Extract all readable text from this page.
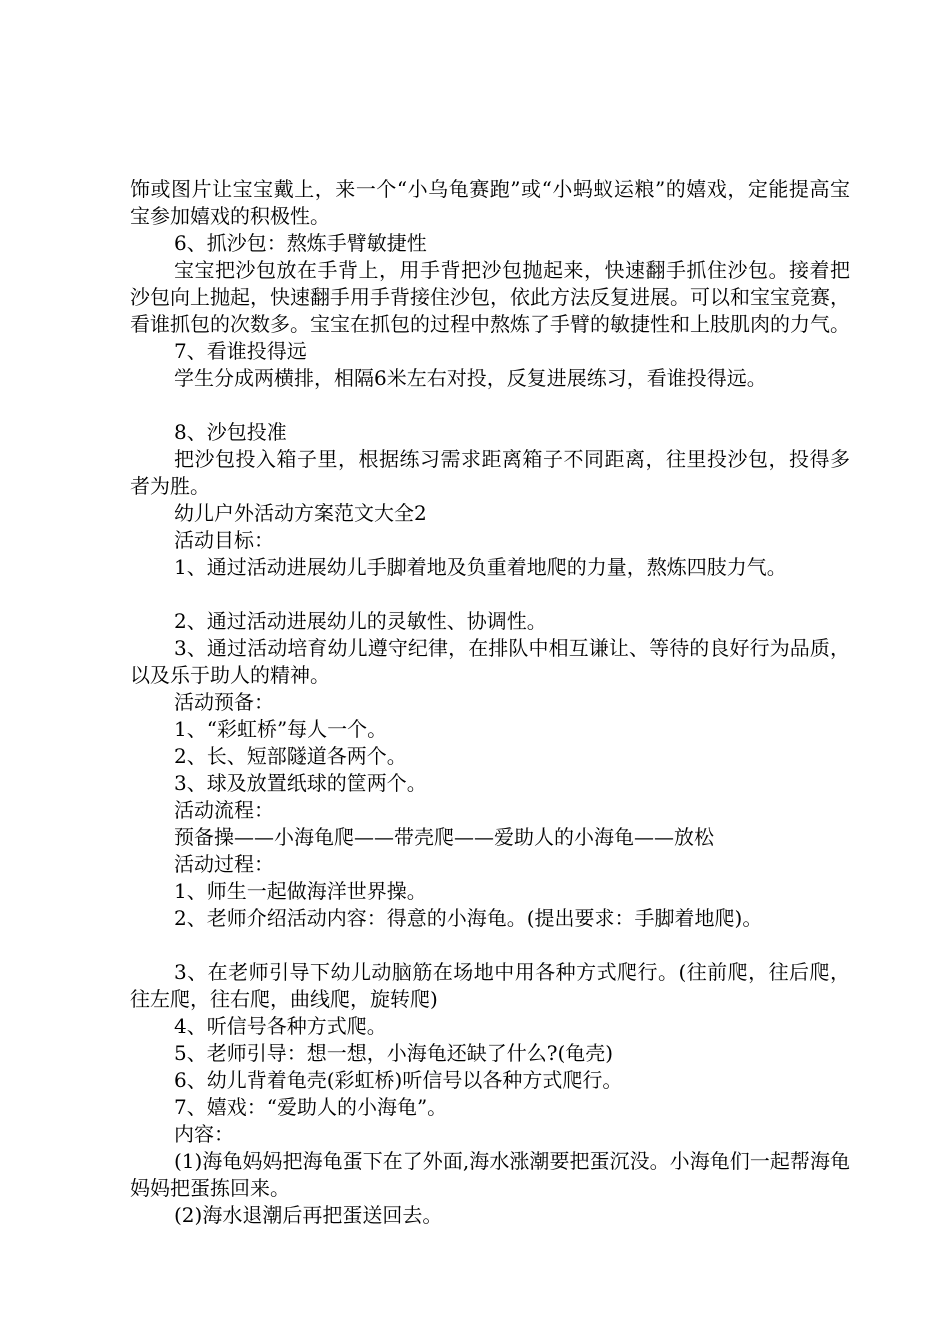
饰或图片让宝宝戴上，来一个“小乌龟赛跑”或“小蚂蚁运粮”的嬉戏，定能提高宝宝参加嬉戏的积极性。

6、抓沙包：熬炼手臂敏捷性

宝宝把沙包放在手背上，用手背把沙包抛起来，快速翻手抓住沙包。接着把沙包向上抛起，快速翻手用手背接住沙包，依此方法反复进展。可以和宝宝竞赛，看谁抓包的次数多。宝宝在抓包的过程中熬炼了手臂的敏捷性和上肢肌肉的力气。

7、看谁投得远

学生分成两横排，相隔6米左右对投，反复进展练习，看谁投得远。

8、沙包投准

把沙包投入箱子里，根据练习需求距离箱子不同距离，往里投沙包，投得多者为胜。

幼儿户外活动方案范文大全2

活动目标：

1、通过活动进展幼儿手脚着地及负重着地爬的力量，熬炼四肢力气。

2、通过活动进展幼儿的灵敏性、协调性。

3、通过活动培育幼儿遵守纪律，在排队中相互谦让、等待的良好行为品质，以及乐于助人的精神。

活动预备：

1、“彩虹桥”每人一个。

2、长、短部隧道各两个。

3、球及放置纸球的筐两个。

活动流程：

预备操——小海龟爬——带壳爬——爱助人的小海龟——放松

活动过程：

1、师生一起做海洋世界操。

2、老师介绍活动内容：得意的小海龟。(提出要求：手脚着地爬)。

3、在老师引导下幼儿动脑筋在场地中用各种方式爬行。(往前爬，往后爬，往左爬，往右爬，曲线爬，旋转爬)

4、听信号各种方式爬。

5、老师引导：想一想，小海龟还缺了什么?(龟壳)

6、幼儿背着龟壳(彩虹桥)听信号以各种方式爬行。

7、嬉戏：“爱助人的小海龟”。

内容：

(1)海龟妈妈把海龟蛋下在了外面,海水涨潮要把蛋沉没。小海龟们一起帮海龟妈妈把蛋拣回来。

(2)海水退潮后再把蛋送回去。
